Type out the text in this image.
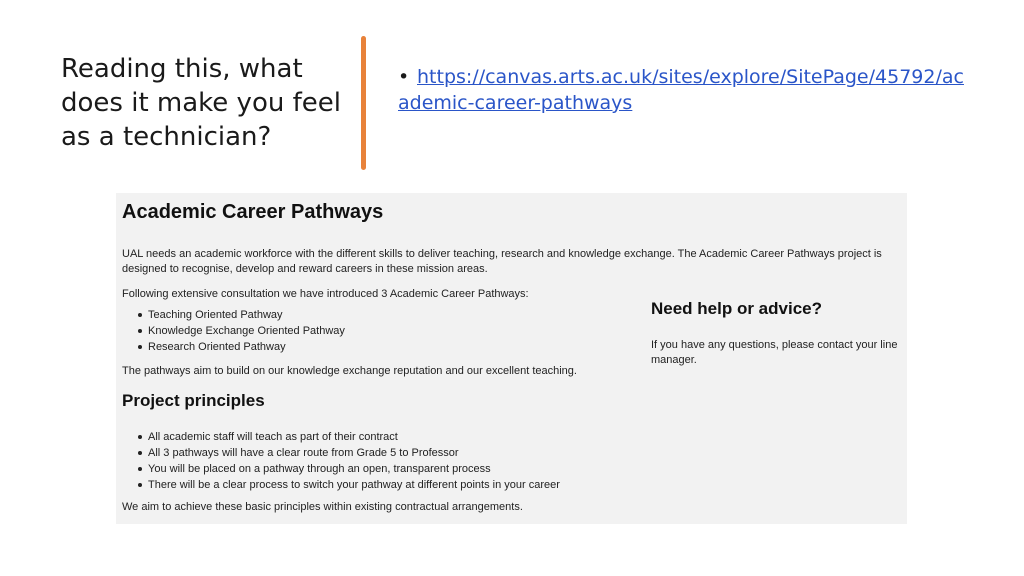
Reading this, what does it make you feel as a technician?
• https://canvas.arts.ac.uk/sites/explore/SitePage/45792/academic-career-pathways
Academic Career Pathways

UAL needs an academic workforce with the different skills to deliver teaching, research and knowledge exchange. The Academic Career Pathways project is designed to recognise, develop and reward careers in these mission areas.

Following extensive consultation we have introduced 3 Academic Career Pathways:

Teaching Oriented Pathway
Knowledge Exchange Oriented Pathway
Research Oriented Pathway

The pathways aim to build on our knowledge exchange reputation and our excellent teaching.

Project principles
All academic staff will teach as part of their contract
All 3 pathways will have a clear route from Grade 5 to Professor
You will be placed on a pathway through an open, transparent process
There will be a clear process to switch your pathway at different points in your career

We aim to achieve these basic principles within existing contractual arrangements.

Need help or advice?

If you have any questions, please contact your line manager.
